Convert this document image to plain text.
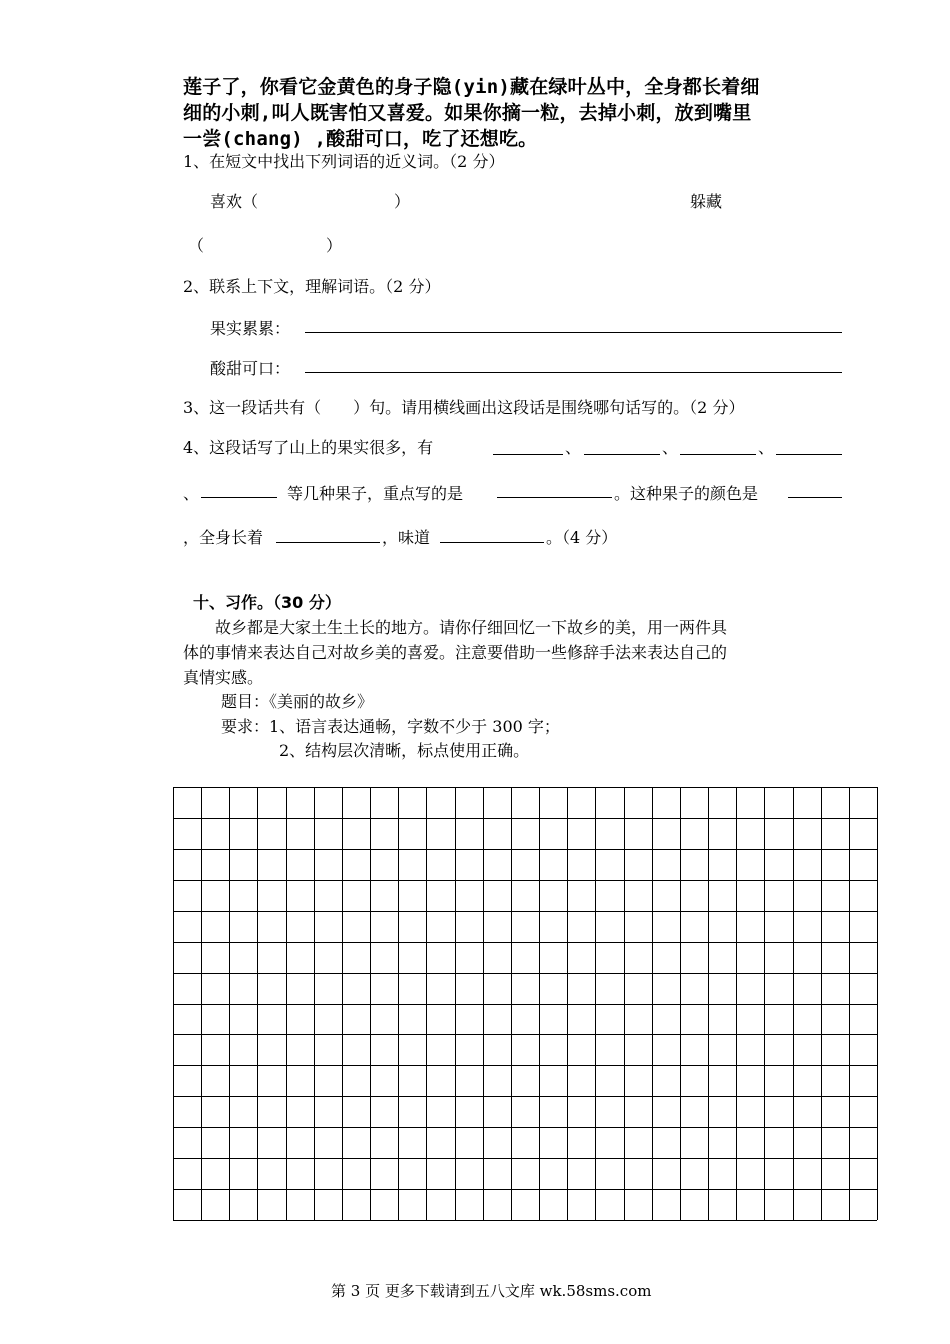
莲子了，你看它金黄色的身子隐(yin)藏在绿叶丛中，全身都长着细
细的小刺,叫人既害怕又喜爱。如果你摘一粒，去掉小刺，放到嘴里
一尝(chang) ,酸甜可口，吃了还想吃。
1、在短文中找出下列词语的近义词。（2 分）
喜欢（	）	躲藏
（	）
2、联系上下文，理解词语。（2 分）
果实累累：
酸甜可口：
3、这一段话共有（　　）句。请用横线画出这段话是围绕哪句话写的。（2 分）
4、这段话写了山上的果实很多，有	、	、	、
、	等几种果子，重点写的是	。这种果子的颜色是
，全身长着	，味道	。（4 分）
十、习作。（30 分）
故乡都是大家土生土长的地方。请你仔细回忆一下故乡的美，用一两件具
体的事情来表达自己对故乡美的喜爱。注意要借助一些修辞手法来表达自己的
真情实感。
题目：《美丽的故乡》
要求：1、语言表达通畅，字数不少于 300 字；
2、结构层次清晰，标点使用正确。
第 3 页 更多下载请到五八文库 wk.58sms.com
